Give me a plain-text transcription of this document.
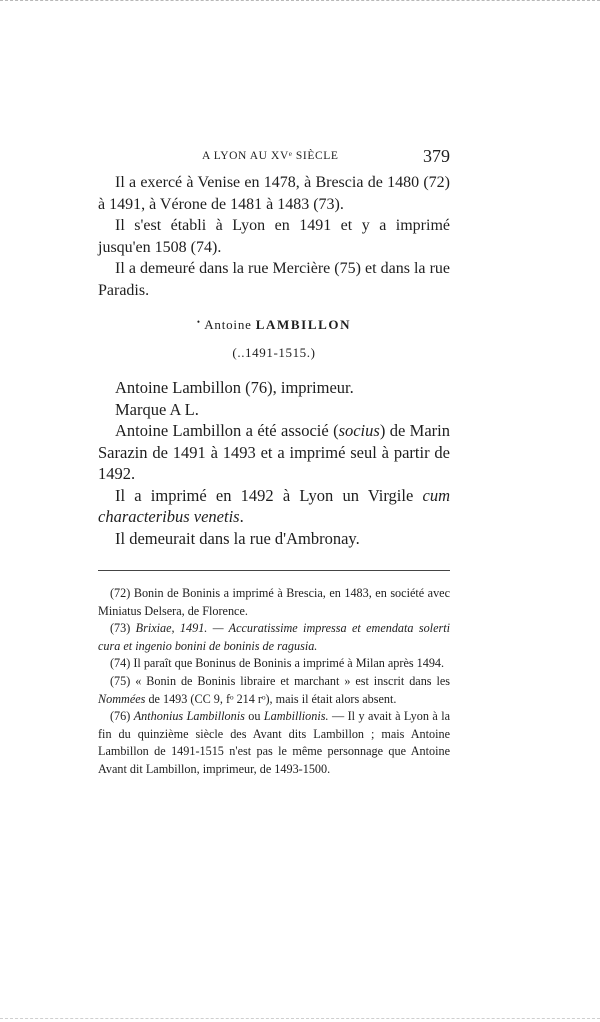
A LYON AU XVᵉ SIÈCLE	379

Il a exercé à Venise en 1478, à Brescia de 1480 (72) à 1491, à Vérone de 1481 à 1483 (73).

Il s'est établi à Lyon en 1491 et y a imprimé jusqu'en 1508 (74).

Il a demeuré dans la rue Mercière (75) et dans la rue Paradis.

• Antoine LAMBILLON
(..1491-1515.)

Antoine Lambillon (76), imprimeur.

Marque A L.

Antoine Lambillon a été associé (socius) de Marin Sarazin de 1491 à 1493 et a imprimé seul à partir de 1492.

Il a imprimé en 1492 à Lyon un Virgile cum characteribus venetis.

Il demeurait dans la rue d'Ambronay.

(72) Bonin de Boninis a imprimé à Brescia, en 1483, en société avec Miniatus Delsera, de Florence.

(73) Brixiae, 1491. — Accuratissime impressa et emendata solerti cura et ingenio bonini de boninis de ragusia.

(74) Il paraît que Boninus de Boninis a imprimé à Milan après 1494.

(75) « Bonin de Boninis libraire et marchant » est inscrit dans les Nommées de 1493 (CC 9, fᵒ 214 rᵒ), mais il était alors absent.

(76) Anthonius Lambillonis ou Lambillionis. — Il y avait à Lyon à la fin du quinzième siècle des Avant dits Lambillon ; mais Antoine Lambillon de 1491-1515 n'est pas le même personnage que Antoine Avant dit Lambillon, imprimeur, de 1493-1500.
